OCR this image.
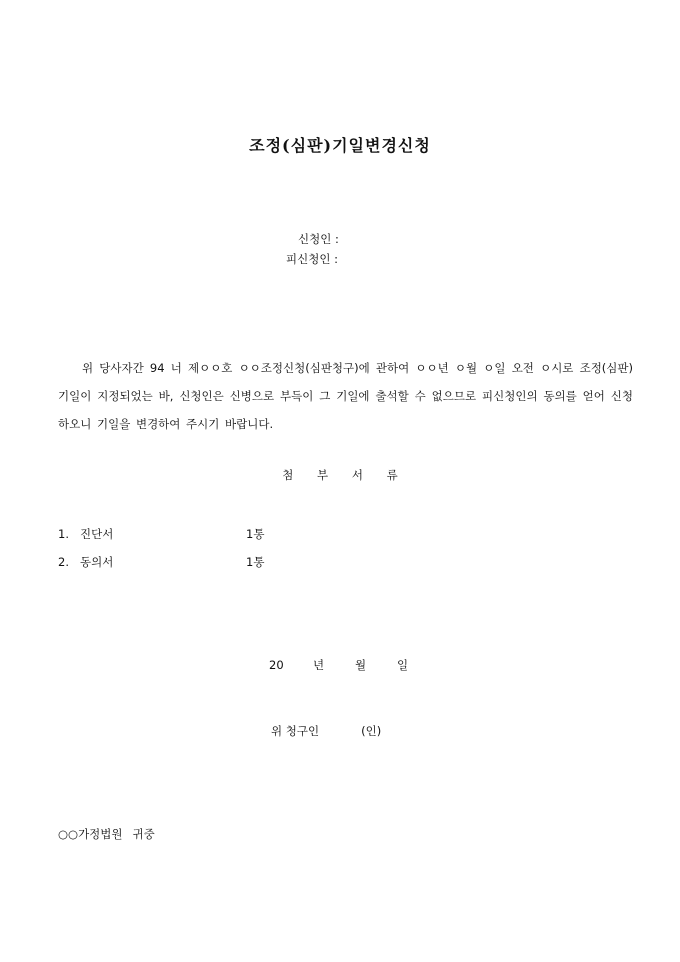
조정(심판)기일변경신청
신청인 :
피신청인 :
위 당사자간 94 너 제ㅇㅇ호 ㅇㅇ조정신청(심판청구)에 관하여 ㅇㅇ년 ㅇ월 ㅇ일 오전 ㅇ시로 조정(심판)기일이 지정되었는 바, 신청인은 신병으로 부득이 그 기일에 출석할 수 없으므로 피신청인의 동의를 얻어 신청하오니 기일을 변경하여 주시기 바랍니다.
첨 부 서 류
1. 진단서	1통
2. 동의서	1통
20	년	월	일
위 청구인	(인)
○○가정법원 귀중
